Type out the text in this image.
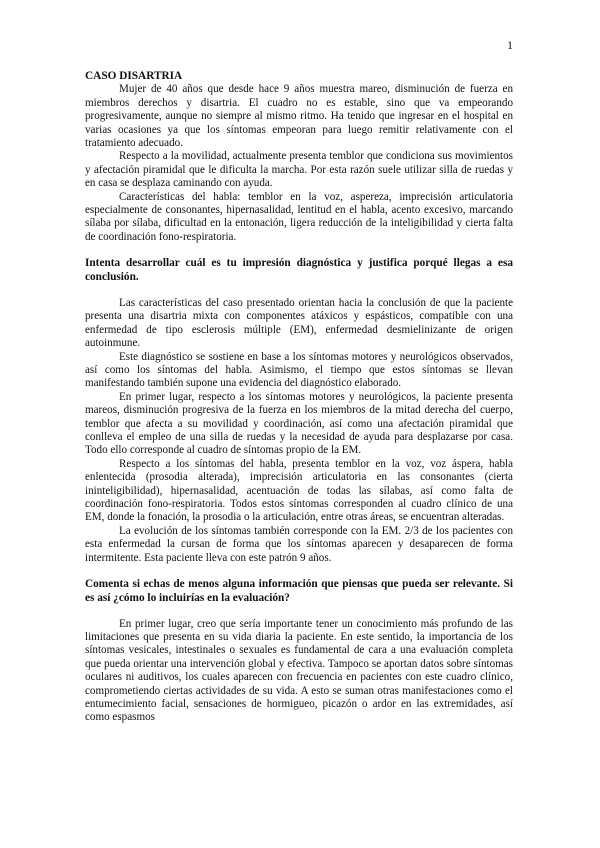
1
CASO DISARTRIA

Mujer de 40 años que desde hace 9 años muestra mareo, disminución de fuerza en miembros derechos y disartria. El cuadro no es estable, sino que va empeorando progresivamente, aunque no siempre al mismo ritmo. Ha tenido que ingresar en el hospital en varias ocasiones ya que los síntomas empeoran para luego remitir relativamente con el tratamiento adecuado.

Respecto a la movilidad, actualmente presenta temblor que condiciona sus movimientos y afectación piramidal que le dificulta la marcha. Por esta razón suele utilizar silla de ruedas y en casa se desplaza caminando con ayuda.

Características del habla: temblor en la voz, aspereza, imprecisión articulatoria especialmente de consonantes, hipernasalidad, lentitud en el habla, acento excesivo, marcando sílaba por sílaba, dificultad en la entonación, ligera reducción de la inteligibilidad y cierta falta de coordinación fono-respiratoria.

Intenta desarrollar cuál es tu impresión diagnóstica y justifica porqué llegas a esa conclusión.

Las características del caso presentado orientan hacia la conclusión de que la paciente presenta una disartria mixta con componentes atáxicos y espásticos, compatible con una enfermedad de tipo esclerosis múltiple (EM), enfermedad desmielinizante de origen autoinmune.

Este diagnóstico se sostiene en base a los síntomas motores y neurológicos observados, así como los síntomas del habla. Asimismo, el tiempo que estos síntomas se llevan manifestando también supone una evidencia del diagnóstico elaborado.

En primer lugar, respecto a los síntomas motores y neurológicos, la paciente presenta mareos, disminución progresiva de la fuerza en los miembros de la mitad derecha del cuerpo, temblor que afecta a su movilidad y coordinación, así como una afectación piramidal que conlleva el empleo de una silla de ruedas y la necesidad de ayuda para desplazarse por casa. Todo ello corresponde al cuadro de síntomas propio de la EM.

Respecto a los síntomas del habla, presenta temblor en la voz, voz áspera, habla enlentecida (prosodia alterada), imprecisión articulatoria en las consonantes (cierta ininteligibilidad), hipernasalidad, acentuación de todas las sílabas, así como falta de coordinación fono-respiratoria. Todos estos síntomas corresponden al cuadro clínico de una EM, donde la fonación, la prosodia o la articulación, entre otras áreas, se encuentran alteradas.

La evolución de los síntomas también corresponde con la EM. 2/3 de los pacientes con esta enfermedad la cursan de forma que los síntomas aparecen y desaparecen de forma intermitente. Esta paciente lleva con este patrón 9 años.

Comenta si echas de menos alguna información que piensas que pueda ser relevante. Si es así ¿cómo lo incluirías en la evaluación?

En primer lugar, creo que sería importante tener un conocimiento más profundo de las limitaciones que presenta en su vida diaria la paciente. En este sentido, la importancia de los síntomas vesicales, intestinales o sexuales es fundamental de cara a una evaluación completa que pueda orientar una intervención global y efectiva. Tampoco se aportan datos sobre síntomas oculares ni auditivos, los cuales aparecen con frecuencia en pacientes con este cuadro clínico, comprometiendo ciertas actividades de su vida. A esto se suman otras manifestaciones como el entumecimiento facial, sensaciones de hormigueo, picazón o ardor en las extremidades, así como espasmos
